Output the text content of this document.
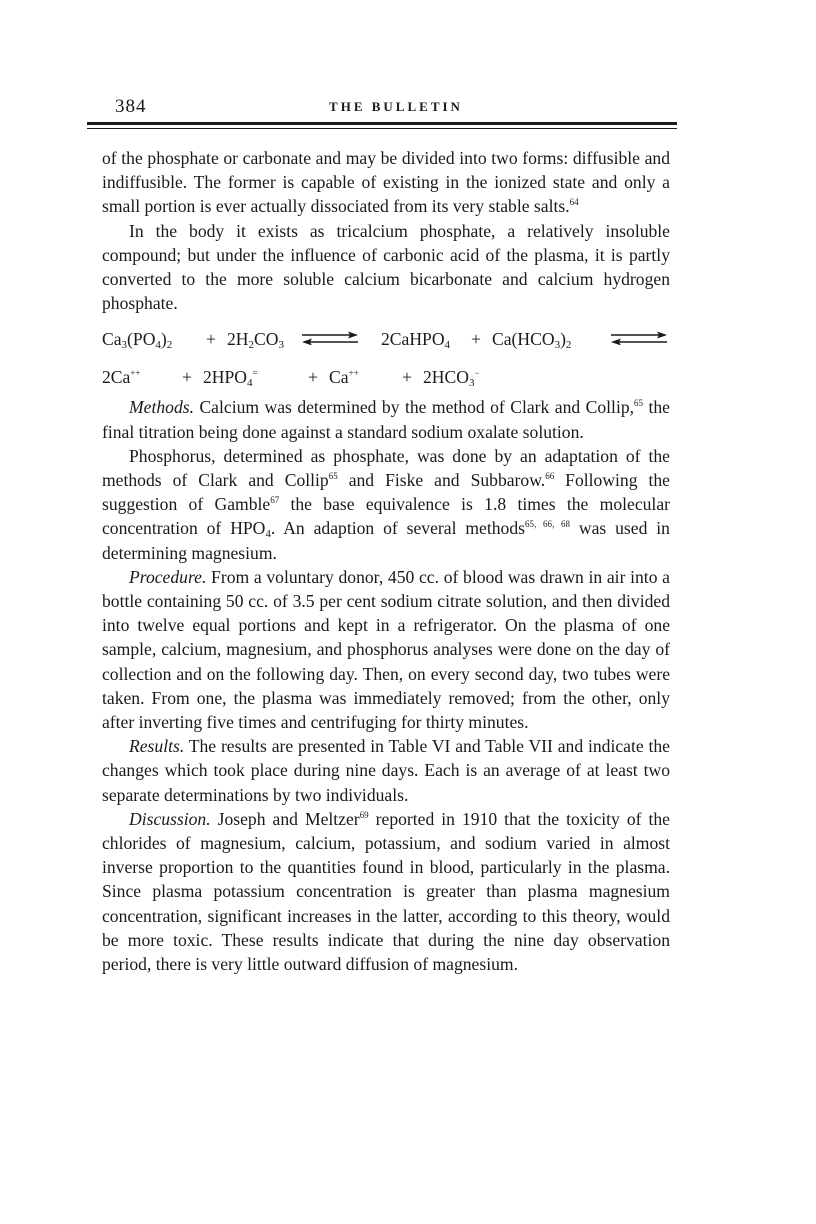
384	THE BULLETIN

of the phosphate or carbonate and may be divided into two forms: diffusible and indiffusible. The former is capable of existing in the ionized state and only a small portion is ever actually dissociated from its very stable salts.$^{64}$

In the body it exists as tricalcium phosphate, a relatively insoluble compound; but under the influence of carbonic acid of the plasma, it is partly converted to the more soluble calcium bicarbonate and calcium hydrogen phosphate.

$Ca_3(PO_4)_2 + 2H_2CO_3$ ⇌ 2CaHPO$_4$ + $Ca(HCO_3)_2$
$2Ca^{++} + 2HPO_4^=$	+ $Ca^{++} + 2HCO_3^-$

Methods. Calcium was determined by the method of Clark and Collip,$^{65}$ the final titration being done against a standard sodium oxalate solution.

Phosphorus, determined as phosphate, was done by an adaptation of the methods of Clark and Collip$^{65}$ and Fiske and Subbarow.$^{66}$ Following the suggestion of Gamble$^{67}$ the base equivalence is 1.8 times the molecular concentration of $HPO_4$. An adaption of several methods$^{65, 66, 68}$ was used in determining magnesium.

Procedure. From a voluntary donor, 450 cc. of blood was drawn in air into a bottle containing 50 cc. of 3.5 per cent sodium citrate solution, and then divided into twelve equal portions and kept in a refrigerator. On the plasma of one sample, calcium, magnesium, and phosphorus analyses were done on the day of collection and on the following day. Then, on every second day, two tubes were taken. From one, the plasma was immediately removed; from the other, only after inverting five times and centrifuging for thirty minutes.

Results. The results are presented in Table VI and Table VII and indicate the changes which took place during nine days. Each is an average of at least two separate determinations by two individuals.

Discussion. Joseph and Meltzer$^{69}$ reported in 1910 that the toxicity of the chlorides of magnesium, calcium, potassium, and sodium varied in almost inverse proportion to the quantities found in blood, particularly in the plasma. Since plasma potassium concentration is greater than plasma magnesium concentration, significant increases in the latter, according to this theory, would be more toxic. These results indicate that during the nine day observation period, there is very little outward diffusion of magnesium.
